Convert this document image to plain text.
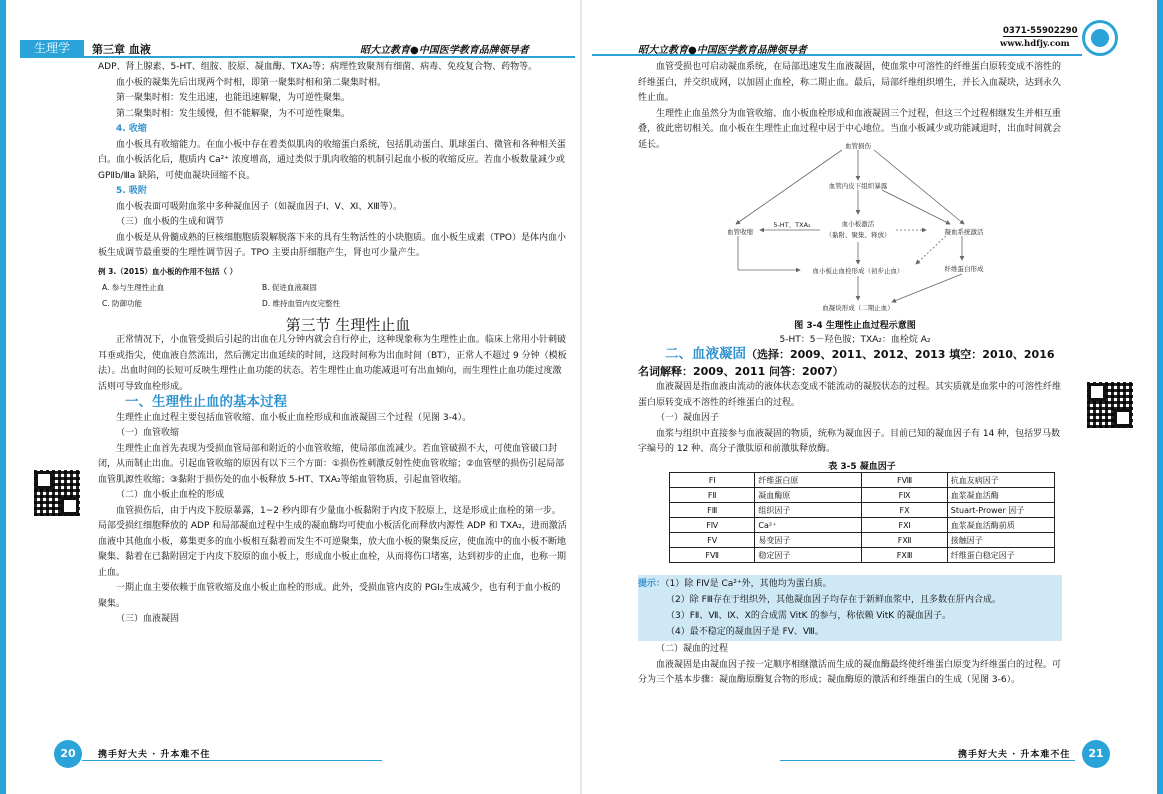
生理学	第三章 血液	昭大立教育●中国医学教育品牌领导者

ADP、肾上腺素、5-HT、组胺、胶原、凝血酶、TXA₂等；病理性致聚剂有细菌、病毒、免疫复合物、药物等。

血小板的凝集先后出现两个时相，即第一聚集时相和第二聚集时相。

第一聚集时相：发生迅速，也能迅速解聚，为可逆性聚集。

第二聚集时相：发生缓慢，但不能解聚，为不可逆性聚集。

4. 收缩

血小板具有收缩能力。在血小板中存在着类似肌肉的收缩蛋白系统，包括肌动蛋白、肌球蛋白、微管和各种相关蛋白。血小板活化后，胞质内 Ca²⁺ 浓度增高，通过类似于肌肉收缩的机制引起血小板的收缩反应。若血小板数量减少或 GPⅡb/Ⅲa 缺陷，可使血凝块回缩不良。

5. 吸附

血小板表面可吸附血浆中多种凝血因子（如凝血因子Ⅰ、Ⅴ、Ⅺ、ⅩⅢ等）。

（三）血小板的生成和调节

血小板是从骨髓成熟的巨核细胞胞质裂解脱落下来的具有生物活性的小块胞质。血小板生成素（TPO）是体内血小板生成调节最重要的生理性调节因子。TPO 主要由肝细胞产生，肾也可少量产生。

例 3.（2015）血小板的作用不包括（ ）
A. 参与生理性止血	B. 促进血液凝固
C. 防御功能	D. 维持血管内皮完整性

第三节 生理性止血

正常情况下，小血管受损后引起的出血在几分钟内就会自行停止，这种现象称为生理性止血。临床上常用小针刺破耳垂或指尖，使血液自然流出，然后测定出血延续的时间，这段时间称为出血时间（BT），正常人不超过 9 分钟（模板法）。出血时间的长短可反映生理性止血功能的状态。若生理性止血功能减退可有出血倾向，而生理性止血功能过度激活则可导致血栓形成。

一、生理性止血的基本过程

生理性止血过程主要包括血管收缩、血小板止血栓形成和血液凝固三个过程（见图 3-4）。

（一）血管收缩

生理性止血首先表现为受损血管局部和附近的小血管收缩，使局部血流减少。若血管破损不大，可使血管破口封闭，从而制止出血。引起血管收缩的原因有以下三个方面：①损伤性刺激反射性使血管收缩；②血管壁的损伤引起局部血管肌源性收缩；③黏附于损伤处的血小板释放 5-HT、TXA₂等缩血管物质，引起血管收缩。

（二）血小板止血栓的形成

血管损伤后，由于内皮下胶原暴露，1~2 秒内即有少量血小板黏附于内皮下胶原上，这是形成止血栓的第一步。局部受损红细胞释放的 ADP 和局部凝血过程中生成的凝血酶均可使血小板活化而释放内源性 ADP 和 TXA₂，进而激活血液中其他血小板，募集更多的血小板相互黏着而发生不可逆聚集，放大血小板的聚集反应，使血流中的血小板不断地聚集、黏着在已黏附固定于内皮下胶原的血小板上，形成血小板止血栓，从而将伤口堵塞，达到初步的止血，也称一期止血。

一期止血主要依赖于血管收缩及血小板止血栓的形成。此外，受损血管内皮的 PGI₂生成减少，也有利于血小板的聚集。

（三）血液凝固

20	携手好大夫 · 升本难不住
昭大立教育●中国医学教育品牌领导者
0371-55902290
www.hdfjy.com

血管受损也可启动凝血系统，在局部迅速发生血液凝固，使血浆中可溶性的纤维蛋白原转变成不溶性的纤维蛋白，并交织成网，以加固止血栓，称二期止血。最后，局部纤维组织增生，并长入血凝块，达到永久性止血。

生理性止血虽然分为血管收缩、血小板血栓形成和血液凝固三个过程，但这三个过程相继发生并相互重叠，彼此密切相关。血小板在生理性止血过程中居于中心地位。当血小板减少或功能减退时，出血时间就会延长。	血管损伤
血管内皮下组织暴露
血小板激活
（黏附、聚集、释放）
血管收缩
5-HT、TXA₂
凝血系统激活
血小板止血栓形成（初步止血）	纤维蛋白形成
血凝块形成（二期止血）
图 3-4 生理性止血过程示意图
5-HT：5－羟色胺；TXA₂：血栓烷 A₂

二、血液凝固（选择：2009、2011、2012、2013 填空：2010、2016 名词解释：2009、2011 问答：2007）

血液凝固是指血液由流动的液体状态变成不能流动的凝胶状态的过程。其实质就是血浆中的可溶性纤维蛋白原转变成不溶性的纤维蛋白的过程。

（一）凝血因子

血浆与组织中直接参与血液凝固的物质，统称为凝血因子。目前已知的凝血因子有 14 种，包括罗马数字编号的 12 种、高分子激肽原和前激肽释放酶。

表 3-5 凝血因子
FⅠ	纤维蛋白原	FⅧ	抗血友病因子
FⅡ	凝血酶原	FⅨ	血浆凝血活酶
FⅢ	组织因子	FⅩ	Stuart-Prower 因子
FⅣ	Ca²⁺	FⅪ	血浆凝血活酶前质
FⅤ	易变因子	FⅫ	接触因子
FⅦ	稳定因子	FⅩⅢ	纤维蛋白稳定因子
提示：（1）除 FⅣ是 Ca²⁺外，其他均为蛋白质。
（2）除 FⅢ存在于组织外，其他凝血因子均存在于新鲜血浆中，且多数在肝内合成。
（3）FⅡ、Ⅶ、Ⅸ、Ⅹ的合成需 VitK 的参与，称依赖 VitK 的凝血因子。
（4）最不稳定的凝血因子是 FⅤ、Ⅷ。

（二）凝血的过程

血液凝固是由凝血因子按一定顺序相继激活而生成的凝血酶最终使纤维蛋白原变为纤维蛋白的过程。可分为三个基本步骤：凝血酶原酶复合物的形成；凝血酶原的激活和纤维蛋白的生成（见图 3-6）。

21
携手好大夫 · 升本难不住
